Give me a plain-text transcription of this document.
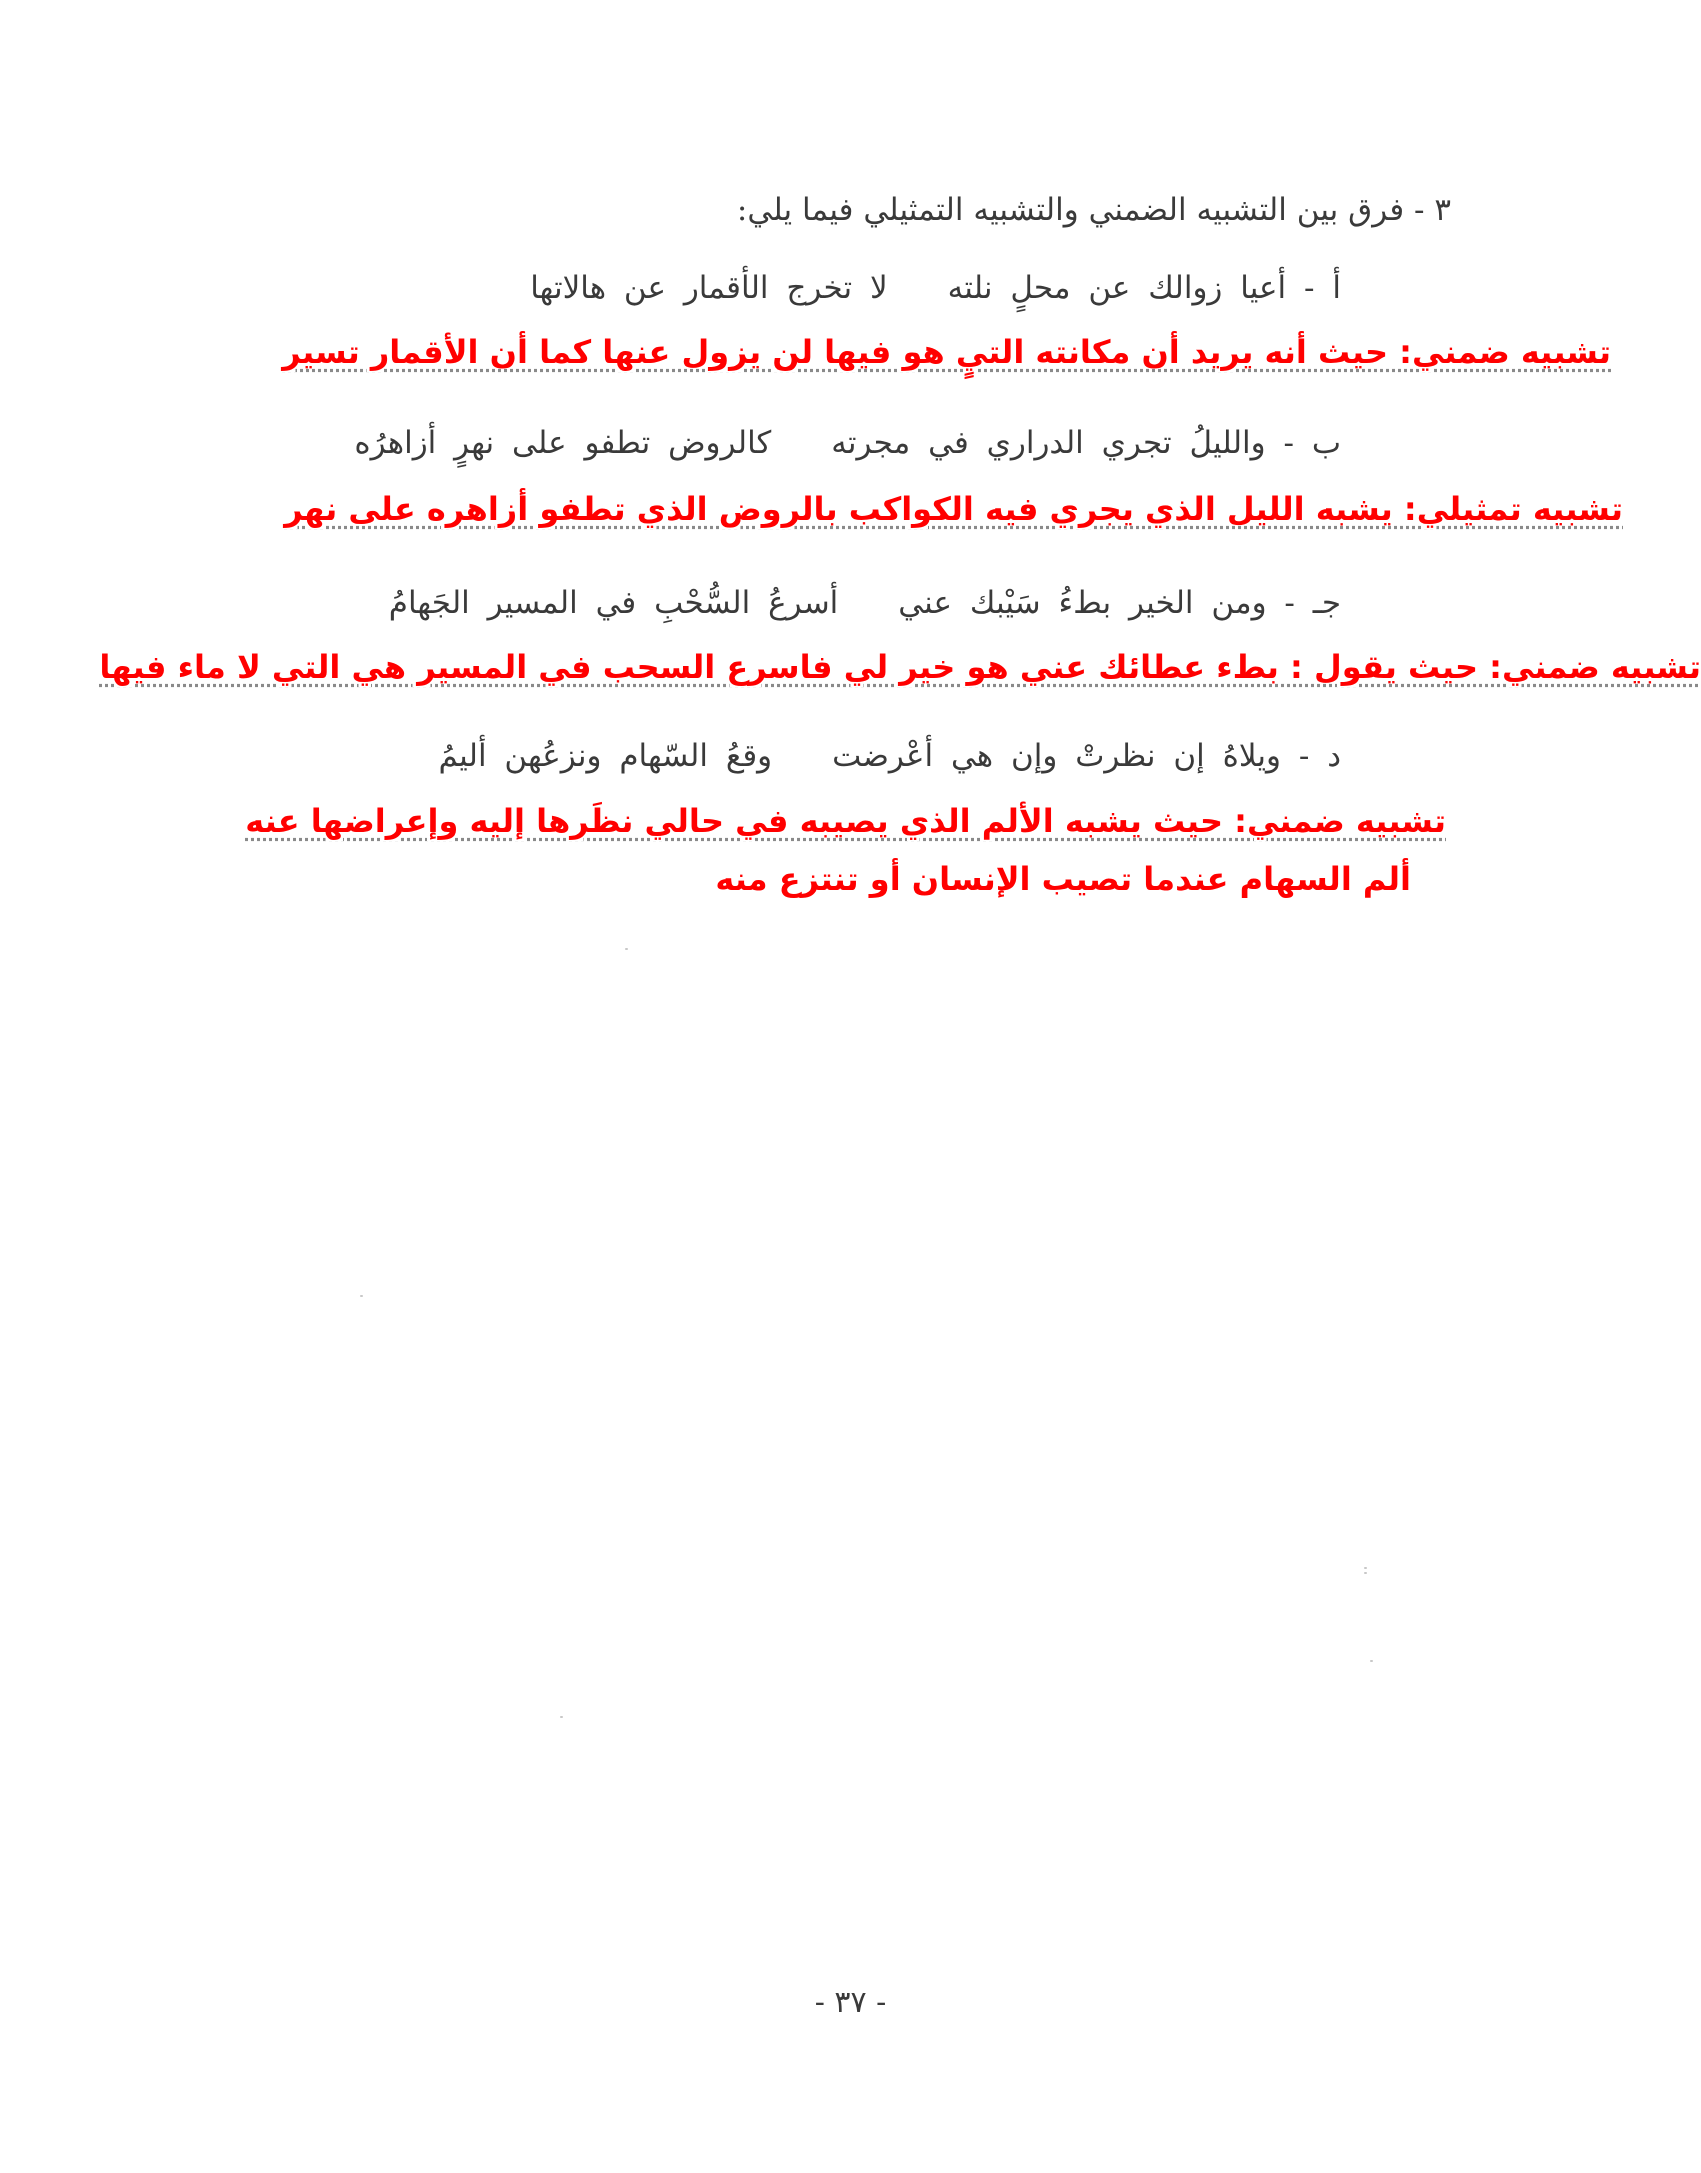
٣ - فرق بين التشبيه الضمني والتشبيه التمثيلي فيما يلي:
أ - أعيا زوالك عن محلٍ نلته
لا تخرج الأقمار عن هالاتها
تشبيه ضمني: حيث أنه يريد أن مكانته التيٍ هو فيها لن يزول عنها كما أن الأقمار تسير
ب - والليلُ تجري الدراري في مجرته
كالروض تطفو على نهرٍ أزاهرُه
تشبيه تمثيلي: يشبه الليل الذي يجري فيه الكواكب بالروض الذي تطفو أزاهره على نهر
جـ - ومن الخير بطءُ سَيْبك عني
أسرعُ السُّحْبِ في المسير الجَهامُ
تشبيه ضمني: حيث يقول : بطء عطائك عني هو خير لي فاسرع السحب في المسير هي التي لا ماء فيها
د - ويلاهُ إن نظرتْ وإن هي أعْرضت
وقعُ السّهام ونزعُهن أليمُ
تشبيه ضمني: حيث يشبه الألم الذي يصيبه في حالي نظَرها إليه وإعراضها عنه
ألم السهام عندما تصيب الإنسان أو تنتزع منه
- ٣٧ -
